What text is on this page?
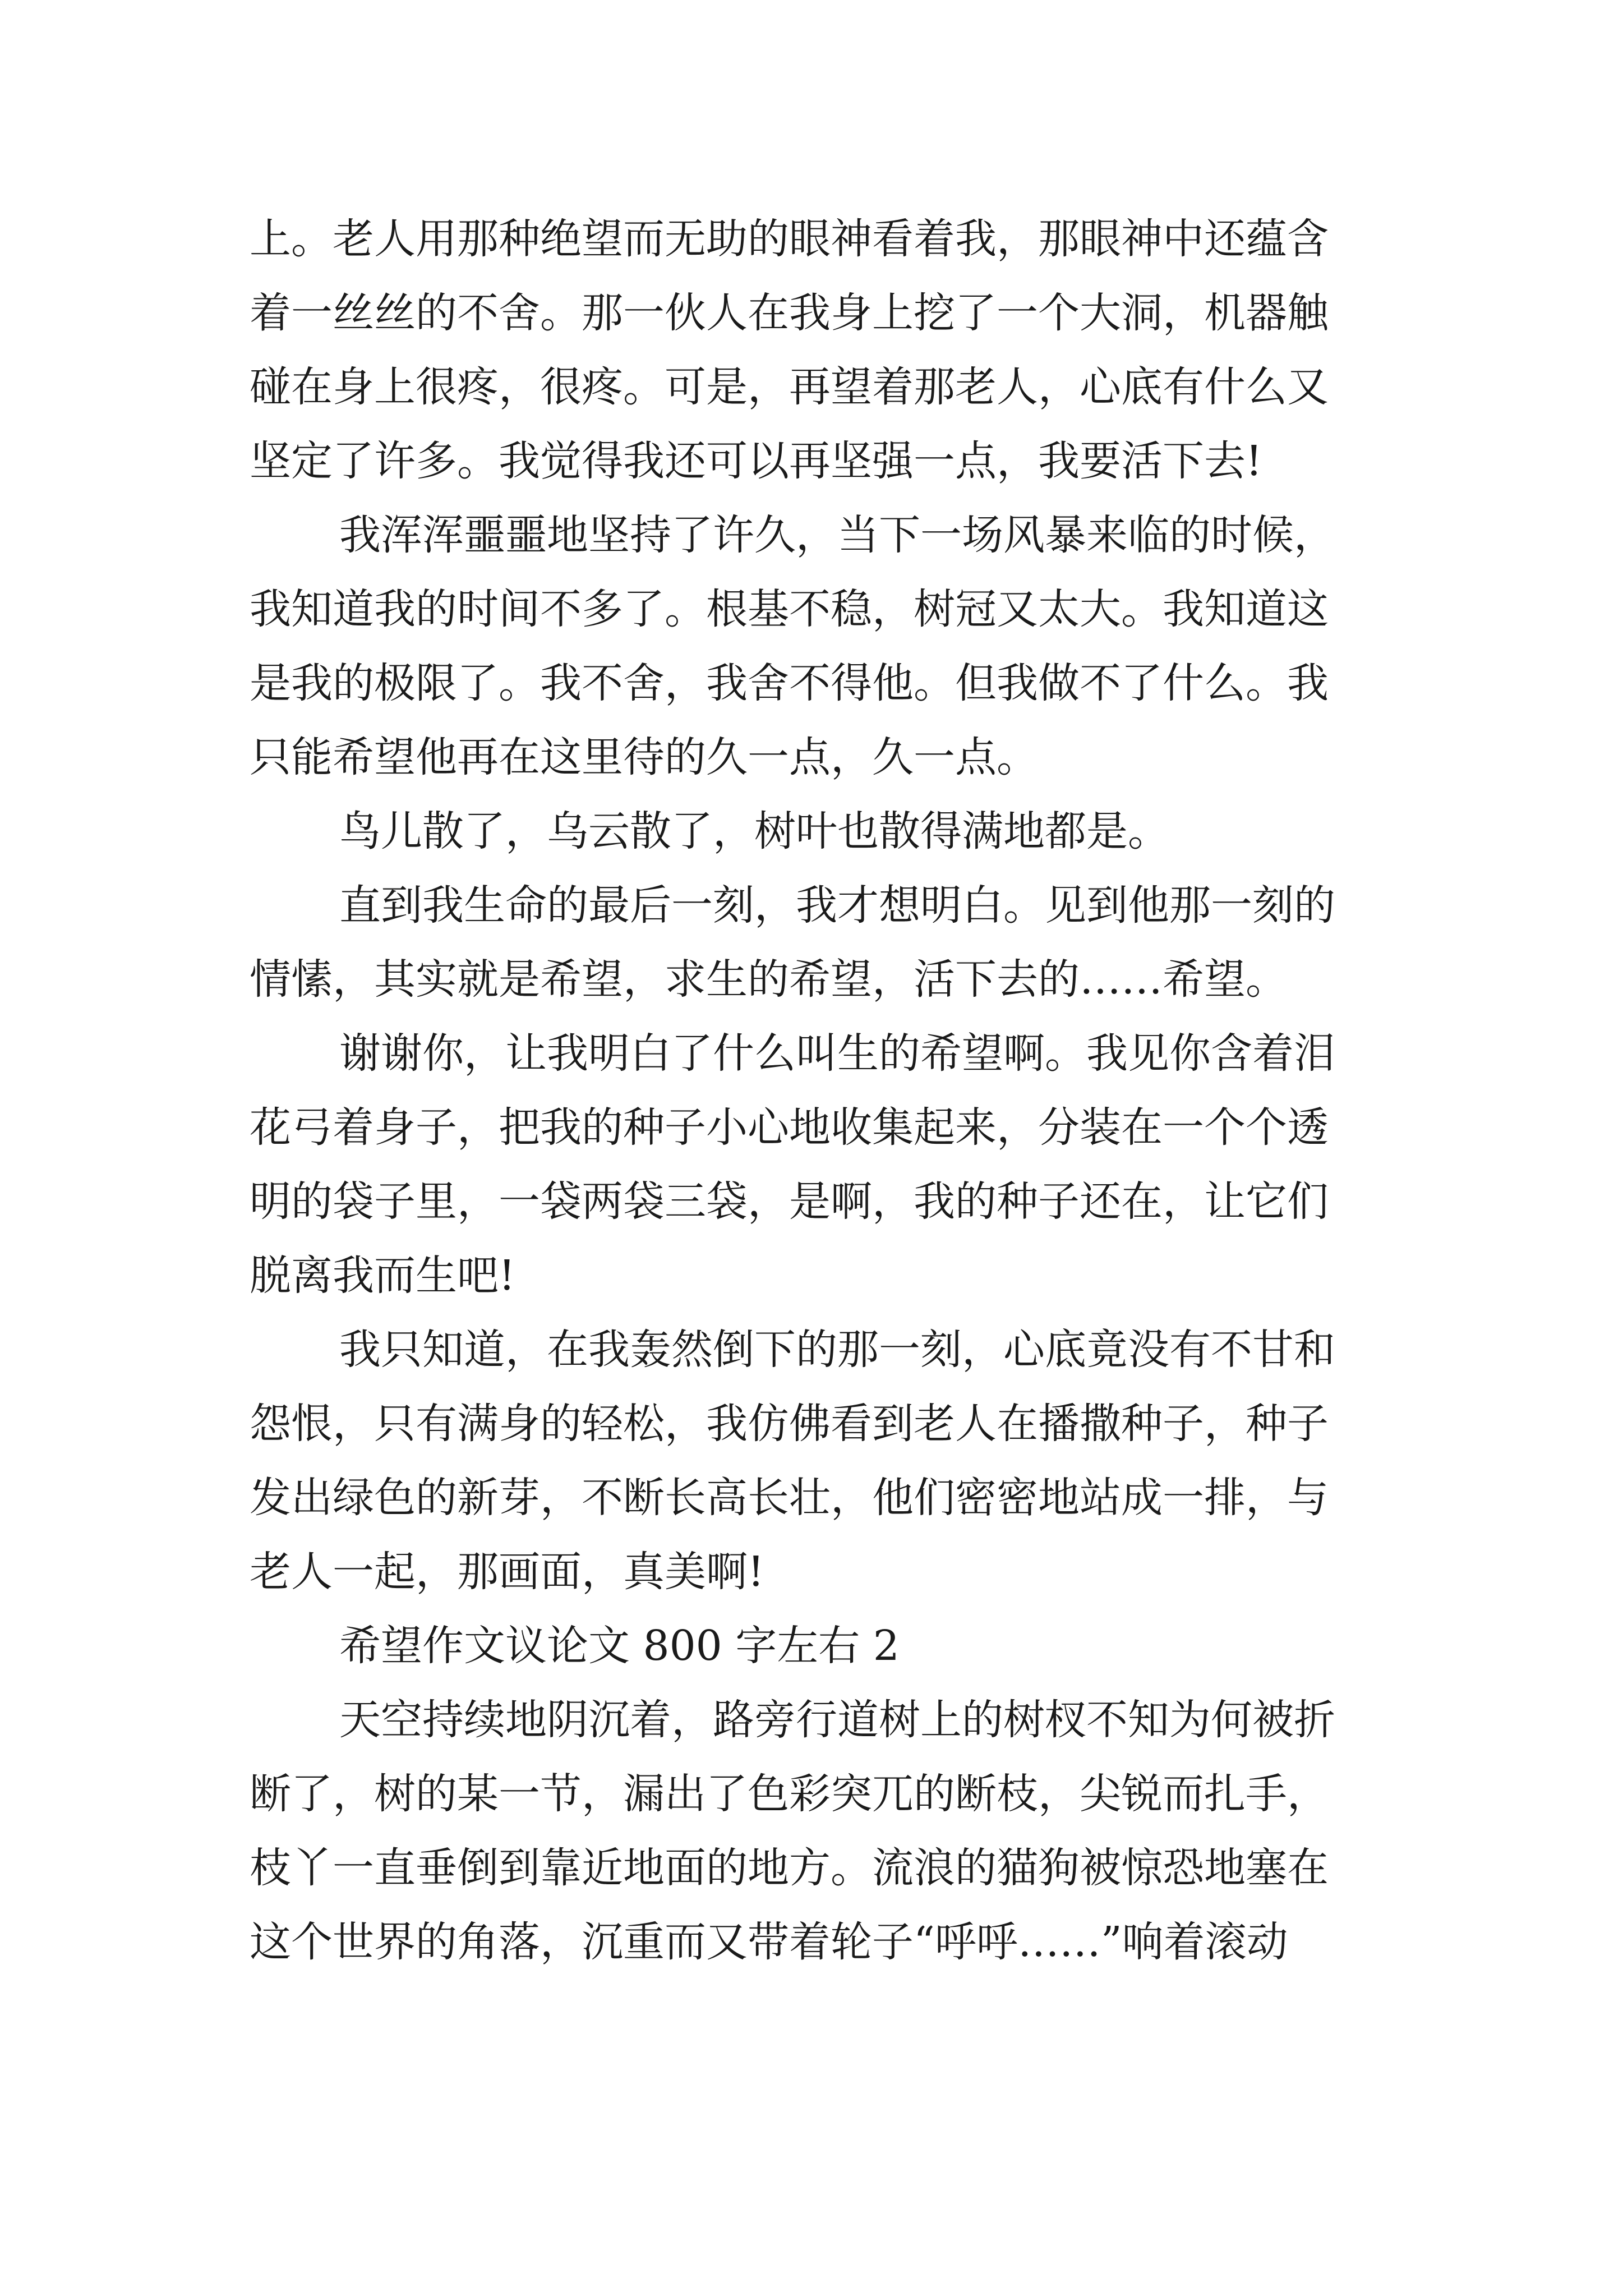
上。老人用那种绝望而无助的眼神看着我，那眼神中还蕴含
着一丝丝的不舍。那一伙人在我身上挖了一个大洞，机器触
碰在身上很疼，很疼。可是，再望着那老人，心底有什么又
坚定了许多。我觉得我还可以再坚强一点，我要活下去!
我浑浑噩噩地坚持了许久，当下一场风暴来临的时候，
我知道我的时间不多了。根基不稳，树冠又太大。我知道这
是我的极限了。我不舍，我舍不得他。但我做不了什么。我
只能希望他再在这里待的久一点，久一点。
鸟儿散了，乌云散了，树叶也散得满地都是。
直到我生命的最后一刻，我才想明白。见到他那一刻的
情愫，其实就是希望，求生的希望，活下去的……希望。
谢谢你，让我明白了什么叫生的希望啊。我见你含着泪
花弓着身子，把我的种子小心地收集起来，分装在一个个透
明的袋子里，一袋两袋三袋，是啊，我的种子还在，让它们
脱离我而生吧!
我只知道，在我轰然倒下的那一刻，心底竟没有不甘和
怨恨，只有满身的轻松，我仿佛看到老人在播撒种子，种子
发出绿色的新芽，不断长高长壮，他们密密地站成一排，与
老人一起，那画面，真美啊!
希望作文议论文 800 字左右 2
天空持续地阴沉着，路旁行道树上的树杈不知为何被折
断了，树的某一节，漏出了色彩突兀的断枝，尖锐而扎手，
枝丫一直垂倒到靠近地面的地方。流浪的猫狗被惊恐地塞在
这个世界的角落，沉重而又带着轮子“呼呼……”响着滚动
